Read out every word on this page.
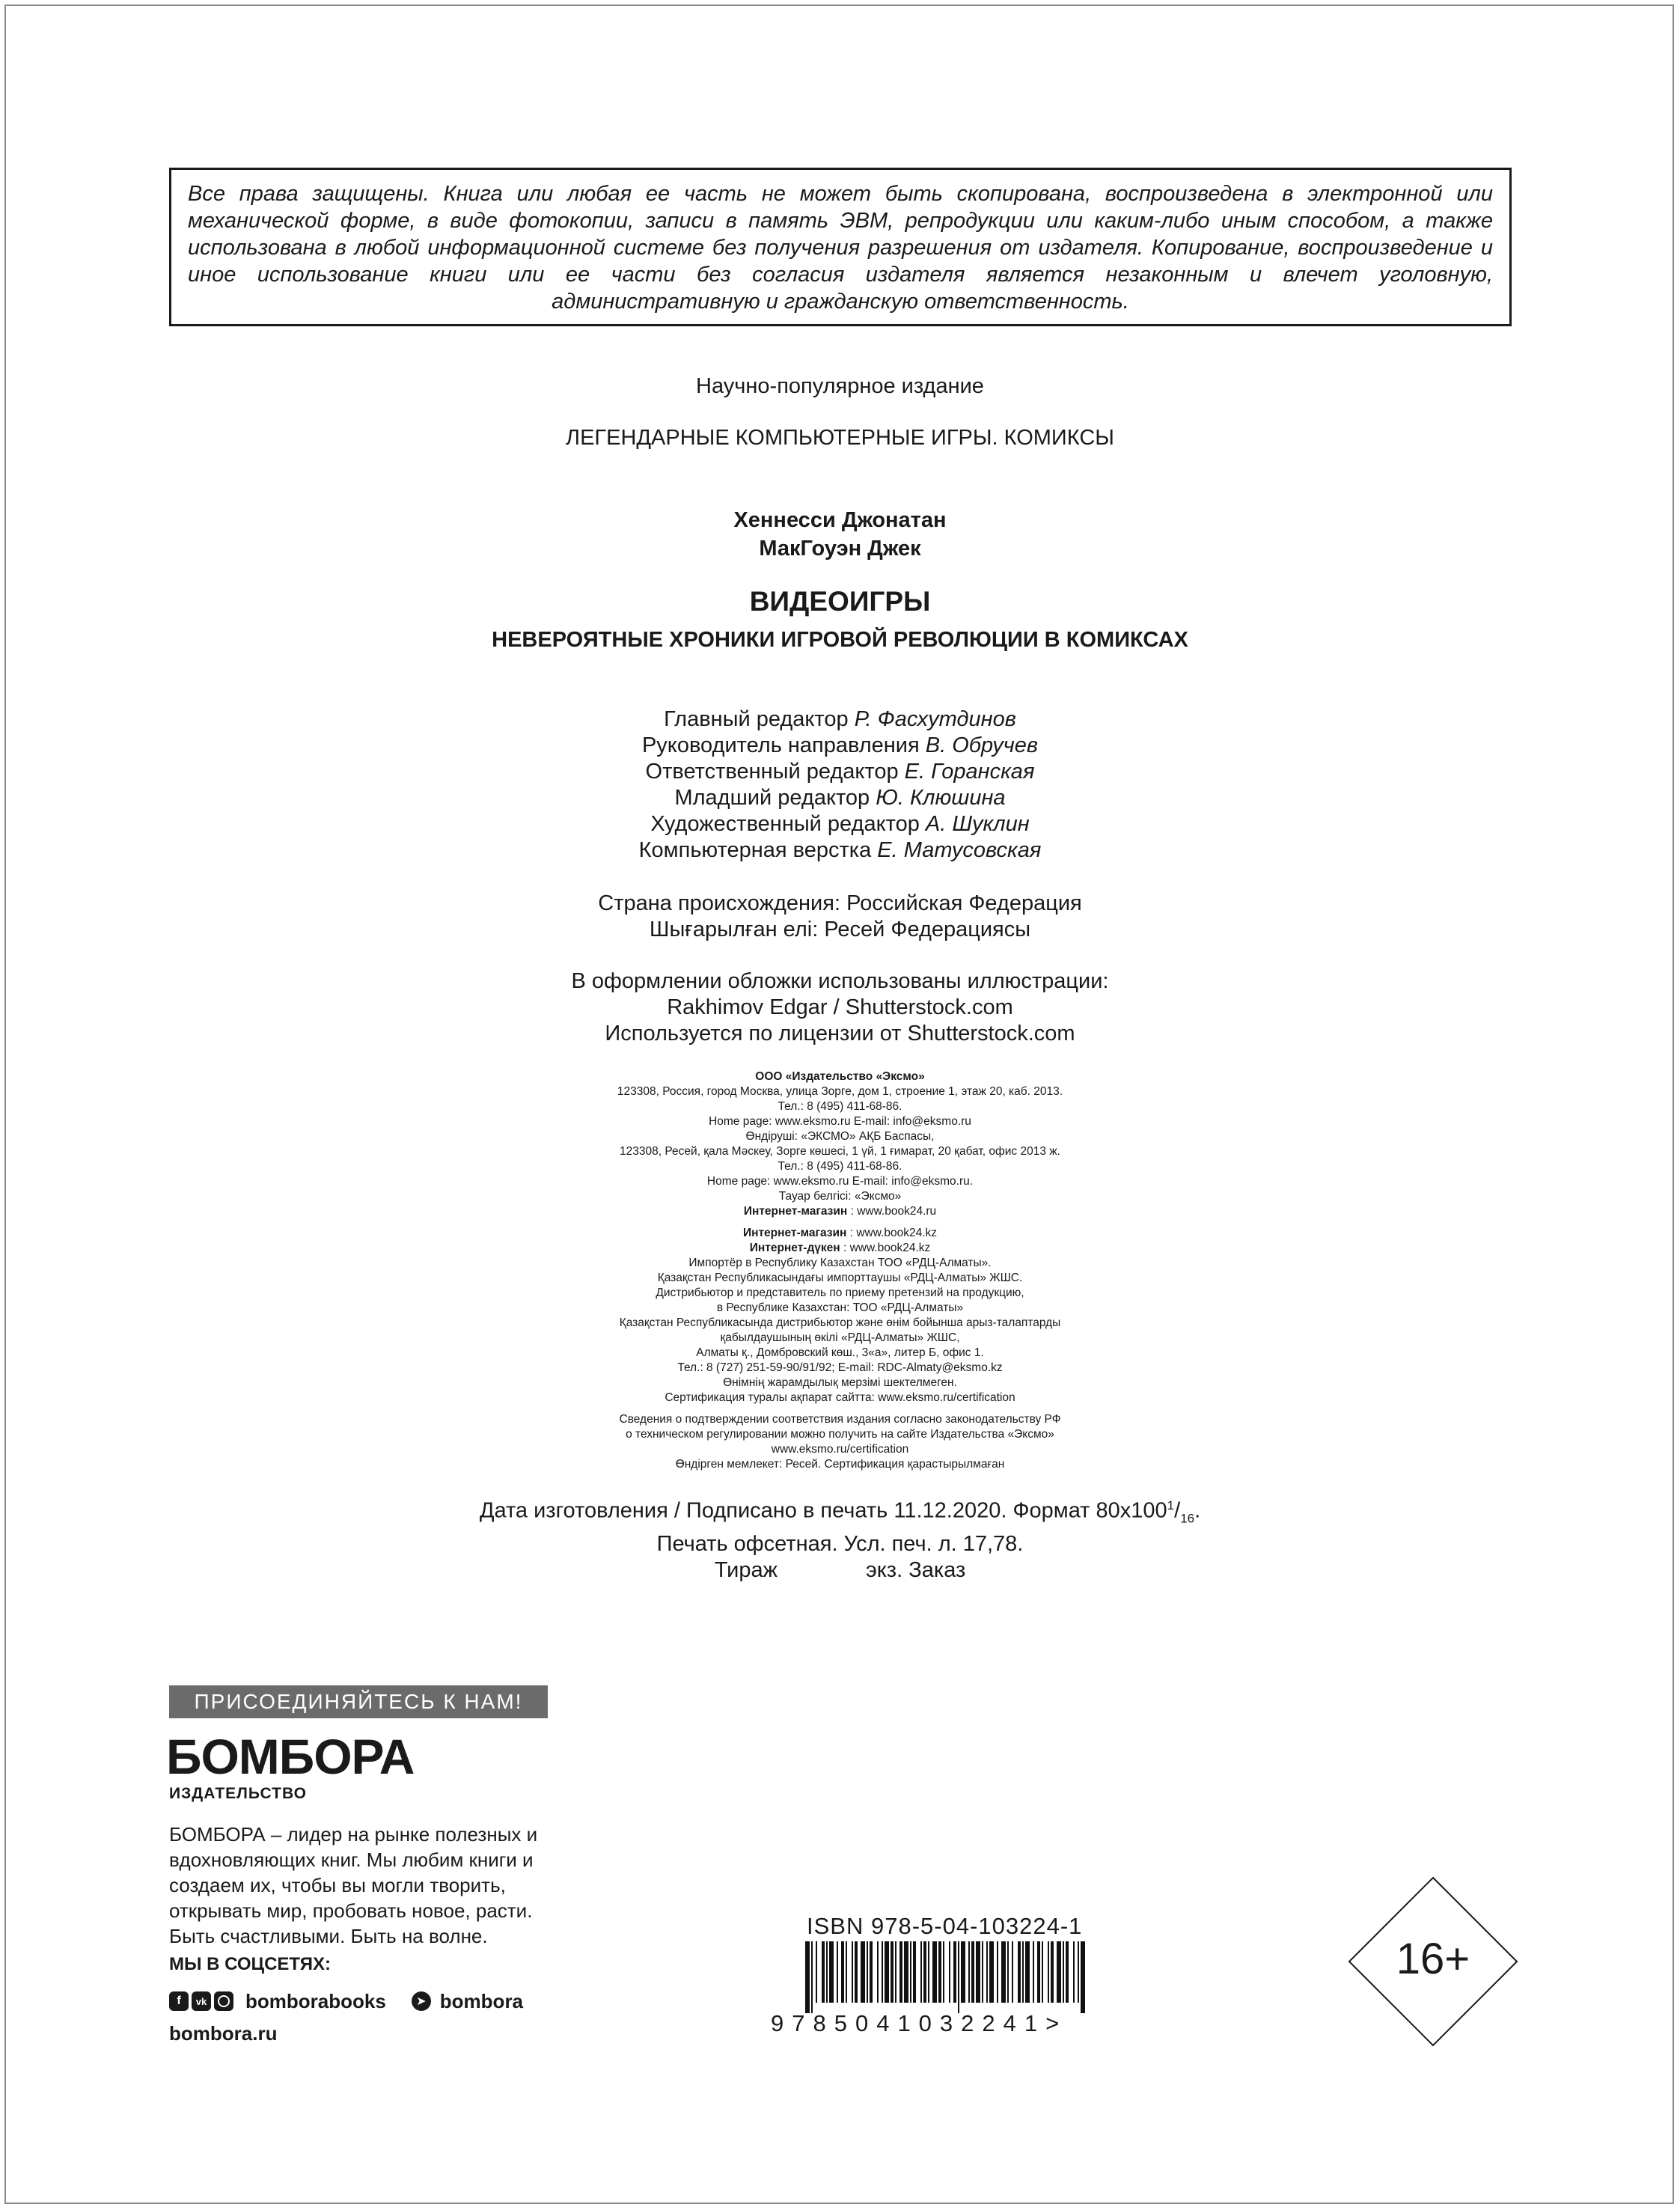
Все права защищены. Книга или любая ее часть не может быть скопирована, воспроизведена в электронной или механической форме, в виде фотокопии, записи в память ЭВМ, репродукции или каким-либо иным способом, а также использована в любой информационной системе без получения разрешения от издателя. Копирование, воспроизведение и иное использование книги или ее части без согласия издателя является незаконным и влечет уголовную, административную и гражданскую ответственность.
Научно-популярное издание
ЛЕГЕНДАРНЫЕ КОМПЬЮТЕРНЫЕ ИГРЫ. КОМИКСЫ
Хеннесси Джонатан
МакГоуэн Джек
ВИДЕОИГРЫ
НЕВЕРОЯТНЫЕ ХРОНИКИ ИГРОВОЙ РЕВОЛЮЦИИ В КОМИКСАХ
Главный редактор Р. Фасхутдинов
Руководитель направления В. Обручев
Ответственный редактор Е. Горанская
Младший редактор Ю. Клюшина
Художественный редактор А. Шуклин
Компьютерная верстка Е. Матусовская
Страна происхождения: Российская Федерация
Шығарылған елі: Ресей Федерациясы
В оформлении обложки использованы иллюстрации:
Rakhimov Edgar / Shutterstock.com
Используется по лицензии от Shutterstock.com
ООО «Издательство «Эксмо»
123308, Россия, город Москва, улица Зорге, дом 1, строение 1, этаж 20, каб. 2013.
Тел.: 8 (495) 411-68-86.
Home page: www.eksmo.ru E-mail: info@eksmo.ru
Өндіруші: «ЭКСМО» АҚБ Баспасы,
123308, Ресей, қала Мәскеу, Зорге көшесі, 1 үй, 1 ғимарат, 20 қабат, офис 2013 ж.
Тел.: 8 (495) 411-68-86.
Home page: www.eksmo.ru E-mail: info@eksmo.ru.
Тауар белгісі: «Эксмо»
Интернет-магазин : www.book24.ru
Интернет-магазин : www.book24.kz
Интернет-дүкен : www.book24.kz
Импортёр в Республику Казахстан ТОО «РДЦ-Алматы».
Қазақстан Республикасындағы импорттаушы «РДЦ-Алматы» ЖШС.
Дистрибьютор и представитель по приему претензий на продукцию,
в Республике Казахстан: ТОО «РДЦ-Алматы»
Қазақстан Республикасында дистрибьютор және өнім бойынша арыз-талаптарды
қабылдаушының өкілі «РДЦ-Алматы» ЖШС,
Алматы қ., Домбровский көш., 3«а», литер Б, офис 1.
Тел.: 8 (727) 251-59-90/91/92; E-mail: RDC-Almaty@eksmo.kz
Өнімнің жарамдылық мерзімі шектелмеген.
Сертификация туралы ақпарат сайтта: www.eksmo.ru/certification
Сведения о подтверждении соответствия издания согласно законодательству РФ
о техническом регулировании можно получить на сайте Издательства «Эксмо»
www.eksmo.ru/certification
Өндірген мемлекет: Ресей. Сертификация қарастырылмаған
Дата изготовления / Подписано в печать 11.12.2020. Формат $80x100^1/_{16}$.
Печать офсетная. Усл. печ. л. 17,78.
Тираж	экз. Заказ
ПРИСОЕДИНЯЙТЕСЬ К НАМ!
БОМБОРА
ИЗДАТЕЛЬСТВО
БОМБОРА – лидер на рынке полезных и вдохновляющих книг. Мы любим книги и создаем их, чтобы вы могли творить, открывать мир, пробовать новое, расти. Быть счастливыми. Быть на волне.
МЫ В СОЦСЕТЯХ:
f	vk bomborabooks	➤ bombora
bombora.ru
ISBN 978-5-04-103224-1
9785041032241>
16+
